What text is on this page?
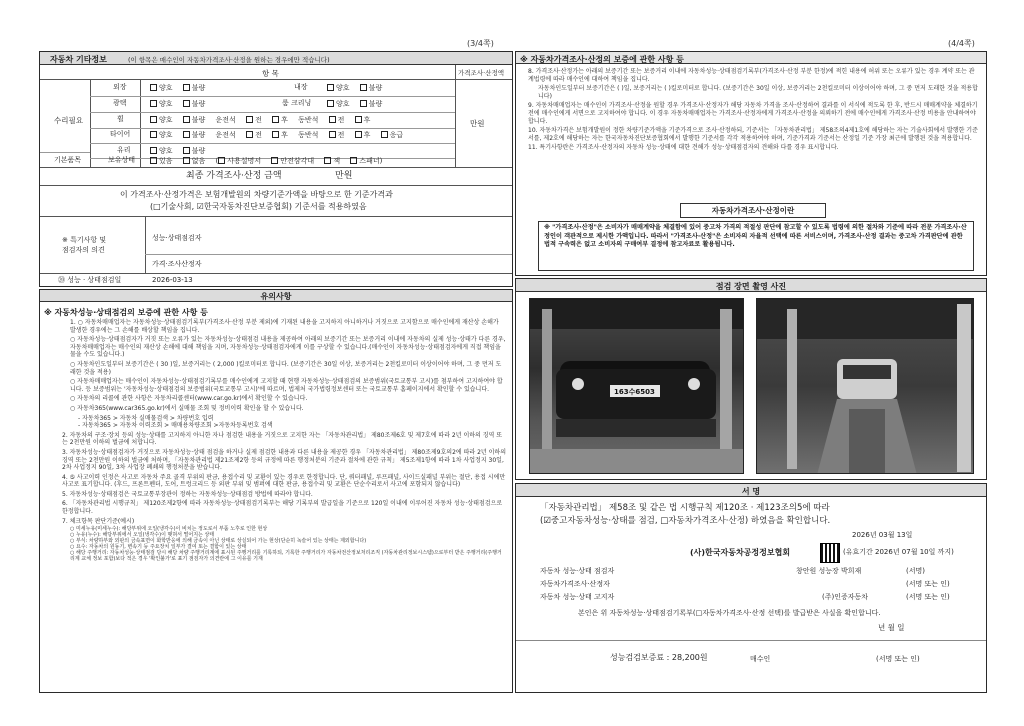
(3/4쪽)	(4/4쪽)
자동차 기타정보	(이 항목은 매수인이 자동차가격조사·산정을 원하는 경우에만 적습니다)
항 목	가격조사·산정액
수리필요	만원
외장	양호	불량	내장	양호	불량
광택	양호	불량	룸 크리닝	양호	불량
휠	양호	불량 운전석	전	후 동반석	전	후
타이어	양호	불량 운전석	전	후 동반석	전	후	응급
유리	양호	불량
기본품목	보유상태	있음	없음 ( 사용설명서	안전삼각대	잭	스패너)
최종 가격조사·산정 금액	만원
이 가격조사·산정가격은 보험개발원의 차량기준가액을 바탕으로 한 기준가격과
(□기술사회, ☑한국자동차진단보증협회) 기준서를 적용하였음
※ 특기사항 및
점검자의 의견
성능·상태점검자
가격·조사산정자
⑳ 성능 · 상태점검일	2026-03-13
유의사항
※ 자동차성능·상태점검의 보증에 관한 사항 등

1. ○ 자동차매매업자는 자동차성능·상태점검기록부(가격조사·산정 부분 제외)에 기재된 내용을 고지하지 아니하거나 거짓으로 고지함으로 매수인에게 재산상 손해가 발생한 경우에는 그 손해를 배상할 책임을 집니다.

○ 자동차성능·상태점검자가 거짓 또는 오류가 있는 자동차성능·상태점검 내용을 제공하여 아래의 보증기간 또는 보증거리 이내에 자동차의 실제 성능·상태가 다른 경우, 자동차매매업자는 매수인의 재산상 손해에 대해 책임을 지며, 자동차성능·상태점검자에게 이를 구상할 수 있습니다.(매수인이 자동차성능·상태점검자에게 직접 책임을 물을 수도 있습니다.)

○ 자동차인도일부터 보증기간은 ( 30 )일, 보증거리는 ( 2,000 )킬로미터로 합니다. (보증기간은 30일 이상, 보증거리는 2천킬로미터 이상이어야 하며, 그 중 먼저 도래한 것을 적용)

○ 자동차매매업자는 매수인이 자동차성능·상태점검기록부를 매수인에게 고지할 때 현행 자동차성능·상태점검의 보증범위(국토교통부 고시)를 첨부하여 고지하여야 합니다. 등 보증범위는 '자동차성능·상태점검의 보증범위(국토교통부 고시)'에 따르며, 법제처 국가법령정보센터 또는 국토교통부 홈페이지에서 확인할 수 있습니다.

○ 자동차의 리콜에 관한 사항은 자동차리콜센터(www.car.go.kr)에서 확인할 수 있습니다.

○ 자동차365(www.car365.go.kr)에서 실매물 조회 및 정비이력 확인을 할 수 있습니다.

- 자동차365 > 자동차 실매물검색 > 차량번호 입력

- 자동차365 > 자동차 이력조회 > 매매용차량조회 >자동차등록번호 검색

2. 자동차의 구조·장치 등의 성능·상태를 고지하지 아니한 자나 점검한 내용을 거짓으로 고지한 자는 「자동차관리법」 제80조제6호 및 제7호에 따라 2년 이하의 징역 또는 2천만원 이하의 벌금에 처합니다.

3. 자동차성능·상태점검자가 거짓으로 자동차성능·상태 점검을 하거나 실제 점검한 내용과 다른 내용을 제공한 경우 「자동차관리법」 제80조제9호의2에 따라 2년 이하의 징역 또는 2천만원 이하의 벌금에 처하며, 「자동차관리법 제21조제2항 등의 규정에 따른 행정처분의 기준과 절차에 관한 규칙」 제5조제1항에 따라 1차 사업정지 30일, 2차 사업정지 90일, 3차 사업장 폐쇄의 행정처분을 받습니다.

4. ⑤ 사고이력 인정은 사고로 자동차 주요 골격 부위의 판금, 용접수리 및 교환이 있는 경우로 한정합니다. 단, 쿼터패널, 루프패널, 사이드실패널 부위는 절단, 용접 시에만 사고로 표기합니다. (후드, 프론트펜더, 도어, 트렁크리드 등 외판 부위 및 범퍼에 대한 판금, 용접수리 및 교환은 단순수리로서 사고에 포함되지 않습니다)

5. 자동차성능·상태점검은 국토교통부장관이 정하는 자동차성능·상태점검 방법에 따라야 합니다.

6. 「자동차관리법 시행규칙」 제120조제2항에 따라 자동차성능·상태점검기록부는 해당 기록부의 발급일을 기준으로 120일 이내에 이루어진 자동차 성능·상태점검으로 한정합니다.

7. 체크항목 판단기준(예시)

○ 미세누유(미세누수): 해당부위에 오일(냉각수)이 비치는 정도로서 부품 노후로 인한 현상
○ 누유(누수): 해당부위에서 오일(냉각수)이 맺혀서 떨어지는 상태
○ 부식: 차량하부와 외판의 금속표면이 화학반응에 의해 금속이 아닌 상태로 상실되어 가는 현상(단순히 녹슬어 있는 상태는 제외합니다)
○ 요수: 자동차의 원동기, 변속기 등 주요장치 일부가 결여 또는 결함이 있는 상태
○ 해당 주행거리: 자동차성능·상태점검 당시 해당 차량 주행거리계에 표시된 주행거리를 기록하되, 기록한 주행거리가 자동차전산정보처리조직 (자동차관리정보시스템)으로부터 받은 주행거리(주행거리계 교체 정보 포함)보다 적은 경우 '확인불가'로 표기 점검자가 의견란에 그 이유를 기재
※ 자동차가격조사·산정의 보증에 관한 사항 등

8. 가격조사·산정가는 아래의 보증기간 또는 보증거리 이내에 자동차성능·상태점검기록부(가격조사·산정 부분 한정)에 적힌 내용에 허위 또는 오류가 있는 경우 계약 또는 관계법령에 따라 매수인에 대하여 책임을 집니다.

자동차인도일부터 보증기간은 ( )일, 보증거리는 ( )킬로미터로 합니다. (보증기간은 30일 이상, 보증거리는 2천킬로미터 이상이어야 하며, 그 중 먼저 도래한 것을 적용합니다)

9. 자동차매매업자는 매수인이 가격조사·산정을 원할 경우 가격조사·산정자가 해당 자동차 가격을 조사·산정하여 결과를 이 서식에 적도록 한 후, 반드시 매매계약을 체결하기 전에 매수인에게 서면으로 고지하여야 합니다. 이 경우 자동차매매업자는 가격조사·산정자에게 가격조사·산정을 의뢰하기 전에 매수인에게 가격조사·산정 비용을 안내하여야 합니다.

10. 자동차가격은 보험개발원이 정한 차량기준가액을 기준가격으로 조사·산정하되, 기준서는 「자동차관리법」 제58조의4제1호에 해당하는 자는 기술사회에서 발행한 기준서를, 제2호에 해당하는 자는 한국자동차진단보증협회에서 발행한 기준서를 각각 적용하여야 하며, 기준가격과 기준서는 산정일 기준 가장 최근에 발행된 것을 적용합니다.

11. 특기사항란은 가격조사·산정자의 자동차 성능·상태에 대한 견해가 성능·상태점검자의 견해와 다를 경우 표시합니다.

자동차가격조사·산정이란
※ "가격조사·산정"은 소비자가 매매계약을 체결함에 있어 중고차 가격의 적절성 판단에 참고할 수 있도록 법령에 의한 절차와 기준에 따라 전문 가격조사·산정인이 객관적으로 제시한 가액입니다. 따라서 "가격조사·산정"은 소비자의 자율적 선택에 따른 서비스이며, 가격조사·산정 결과는 중고차 가격판단에 관한 법적 구속력은 없고 소비자의 구매여부 결정에 참고자료로 활용됩니다.
점검 장면 촬영 사진
163수6503
서 명
「자동차관리법」 제58조 및 같은 법 시행규칙 제120조 · 제123조의5에 따라
(☑중고자동차성능·상태를 점검, □자동차가격조사·산정) 하였음을 확인합니다.
2026년 03월 13일
(사)한국자동차공정정보협회	(유효기간 2026년 07월 10일 까지)
자동차 성능·상태 점검자	창안원 성능장 박희재	(서명)
자동차가격조사·산정자	(서명 또는 인)
자동차 성능·상태 고지자	(주)인증자동차	(서명 또는 인)
본인은 위 자동차성능·상태점검기록부(□자동차가격조사·산정 선택)를 발급받은 사실을 확인합니다.
년 월 일
성능검검보증료 : 28,200원	매수인	(서명 또는 인)
